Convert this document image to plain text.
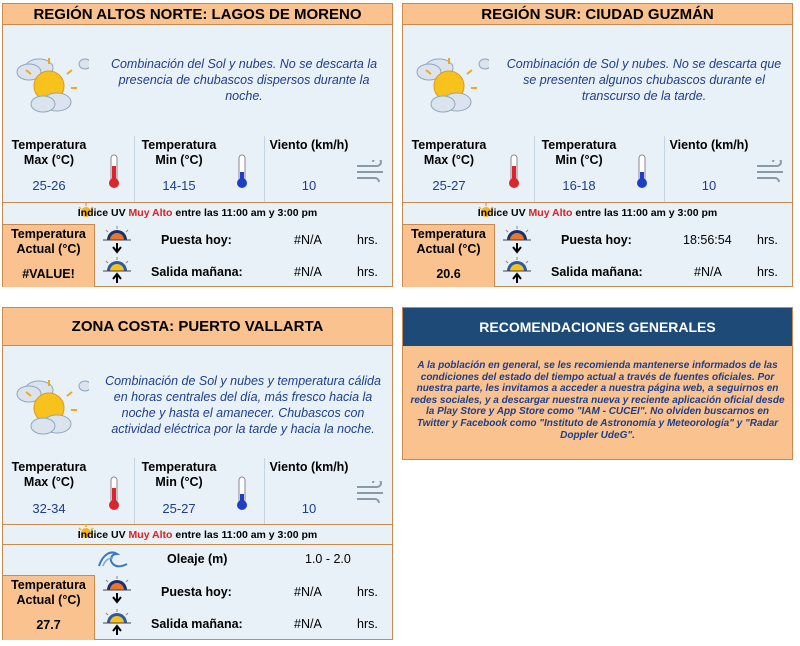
REGIÓN ALTOS NORTE: LAGOS DE MORENO
Combinación del Sol y nubes. No se descarta la presencia de chubascos dispersos durante la noche.
Temperatura Max (°C)
25-26
Temperatura Min (°C)
14-15
Viento (km/h)
10
Indice UV Muy Alto entre las 11:00 am y 3:00 pm
Temperatura Actual (°C)
#VALUE!
Puesta hoy:	#N/A	hrs.
Salida mañana:	#N/A	hrs.
REGIÓN SUR: CIUDAD GUZMÁN
Combinación de Sol y nubes. No se descarta que se presenten algunos chubascos durante el transcurso de la tarde.
Temperatura Max (°C)
25-27
Temperatura Min (°C)
16-18
Viento (km/h)
10
Indice UV Muy Alto entre las 11:00 am y 3:00 pm
Temperatura Actual (°C)
20.6
Puesta hoy:	18:56:54 hrs.
Salida mañana:	#N/A	hrs.
ZONA COSTA: PUERTO VALLARTA
Combinación de Sol y nubes y temperatura cálida en horas centrales del día, más fresco hacia la noche y hasta el amanecer. Chubascos con actividad eléctrica por la tarde y hacia la noche.
Temperatura Max (°C)
32-34
Temperatura Min (°C)
25-27
Viento (km/h)
10
Indice UV Muy Alto entre las 11:00 am y 3:00 pm
Oleaje (m)	1.0 - 2.0
Temperatura Actual (°C)
27.7
Puesta hoy:	#N/A	hrs.
Salida mañana:	#N/A	hrs.
RECOMENDACIONES GENERALES
A la población en general, se les recomienda mantenerse informados de las condiciones del estado del tiempo actual a través de fuentes oficiales. Por nuestra parte, les invitamos a acceder a nuestra página web, a seguirnos en redes sociales, y a descargar nuestra nueva y reciente aplicación oficial desde la Play Store y App Store como "IAM - CUCEI". No olviden buscarnos en Twitter y Facebook como "Instituto de Astronomía y Meteorología" y "Radar Doppler UdeG".
